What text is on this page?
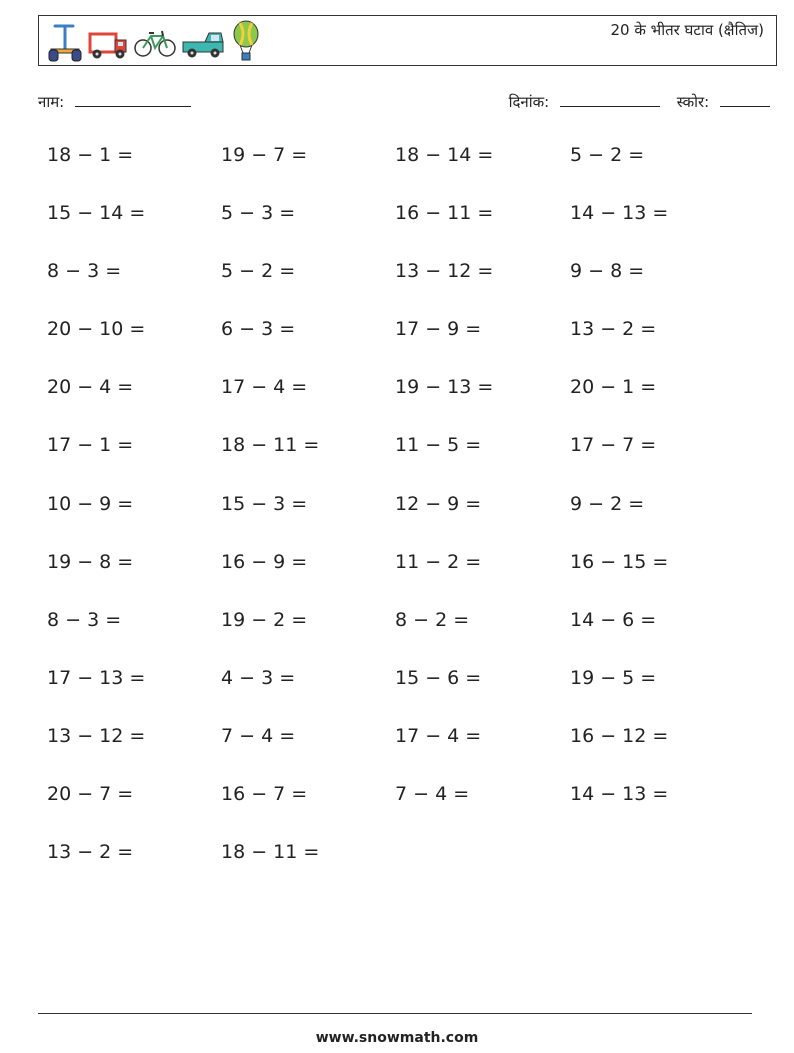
20 के भीतर घटाव (क्षैतिज)
नाम:	दिनांक:	स्कोर:
18 − 1 =	19 − 7 =	18 − 14 =	5 − 2 =
15 − 14 =	5 − 3 =	16 − 11 =	14 − 13 =
8 − 3 =	5 − 2 =	13 − 12 =	9 − 8 =
20 − 10 =	6 − 3 =	17 − 9 =	13 − 2 =
20 − 4 =	17 − 4 =	19 − 13 =	20 − 1 =
17 − 1 =	18 − 11 =	11 − 5 =	17 − 7 =
10 − 9 =	15 − 3 =	12 − 9 =	9 − 2 =
19 − 8 =	16 − 9 =	11 − 2 =	16 − 15 =
8 − 3 =	19 − 2 =	8 − 2 =	14 − 6 =
17 − 13 =	4 − 3 =	15 − 6 =	19 − 5 =
13 − 12 =	7 − 4 =	17 − 4 =	16 − 12 =
20 − 7 =	16 − 7 =	7 − 4 =	14 − 13 =
13 − 2 =	18 − 11 =
www.snowmath.com
